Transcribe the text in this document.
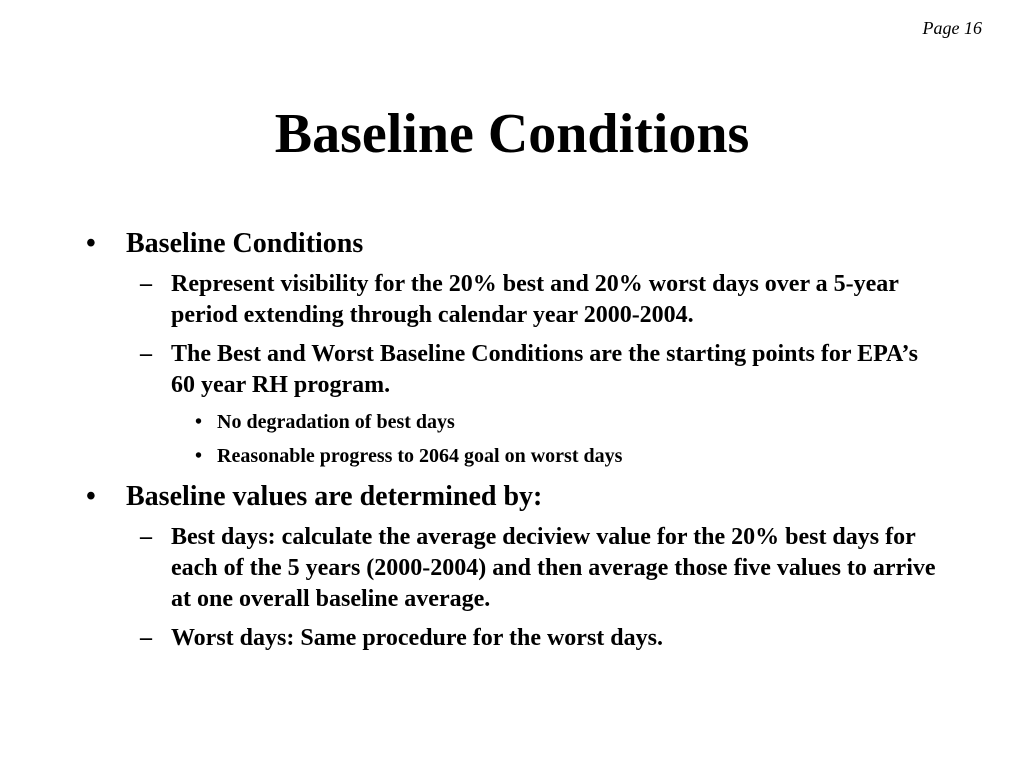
Page 16
Baseline Conditions
• Baseline Conditions
– Represent visibility for the 20% best and 20% worst days over a 5-year period extending through calendar year 2000-2004.
– The Best and Worst Baseline Conditions are the starting points for EPA’s 60 year RH program.
• No degradation of best days
• Reasonable progress to 2064 goal on worst days
• Baseline values are determined by:
– Best days: calculate the average deciview value for the 20% best days for each of the 5 years (2000-2004) and then average those five values to arrive at one overall baseline average.
– Worst days: Same procedure for the worst days.
